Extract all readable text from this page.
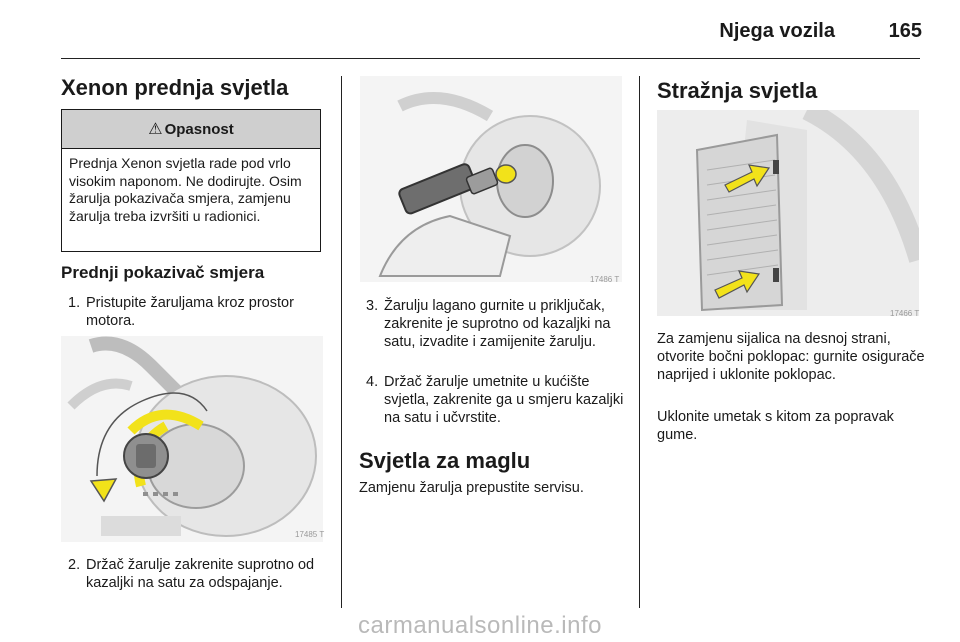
Njega vozila	165
Xenon prednja svjetla
⚠ Opasnost
Prednja Xenon svjetla rade pod vrlo visokim naponom. Ne dodirujte. Osim žarulja pokazivača smjera, zamjenu žarulja treba izvršiti u radionici.
Prednji pokazivač smjera
1. Pristupite žaruljama kroz prostor motora.
17485 T
2. Držač žarulje zakrenite suprotno od kazaljki na satu za odspajanje.
17486 T
3. Žarulju lagano gurnite u priključak, zakrenite je suprotno od kazaljki na satu, izvadite i zamijenite žarulju.
4. Držač žarulje umetnite u kućište svjetla, zakrenite ga u smjeru kazaljki na satu i učvrstite.
Svjetla za maglu

Zamjenu žarulja prepustite servisu.

Stražnja svjetla
17466 T

Za zamjenu sijalica na desnoj strani, otvorite bočni poklopac: gurnite osigurače naprijed i uklonite poklopac.

Uklonite umetak s kitom za popravak gume.

carmanualsonline.info
